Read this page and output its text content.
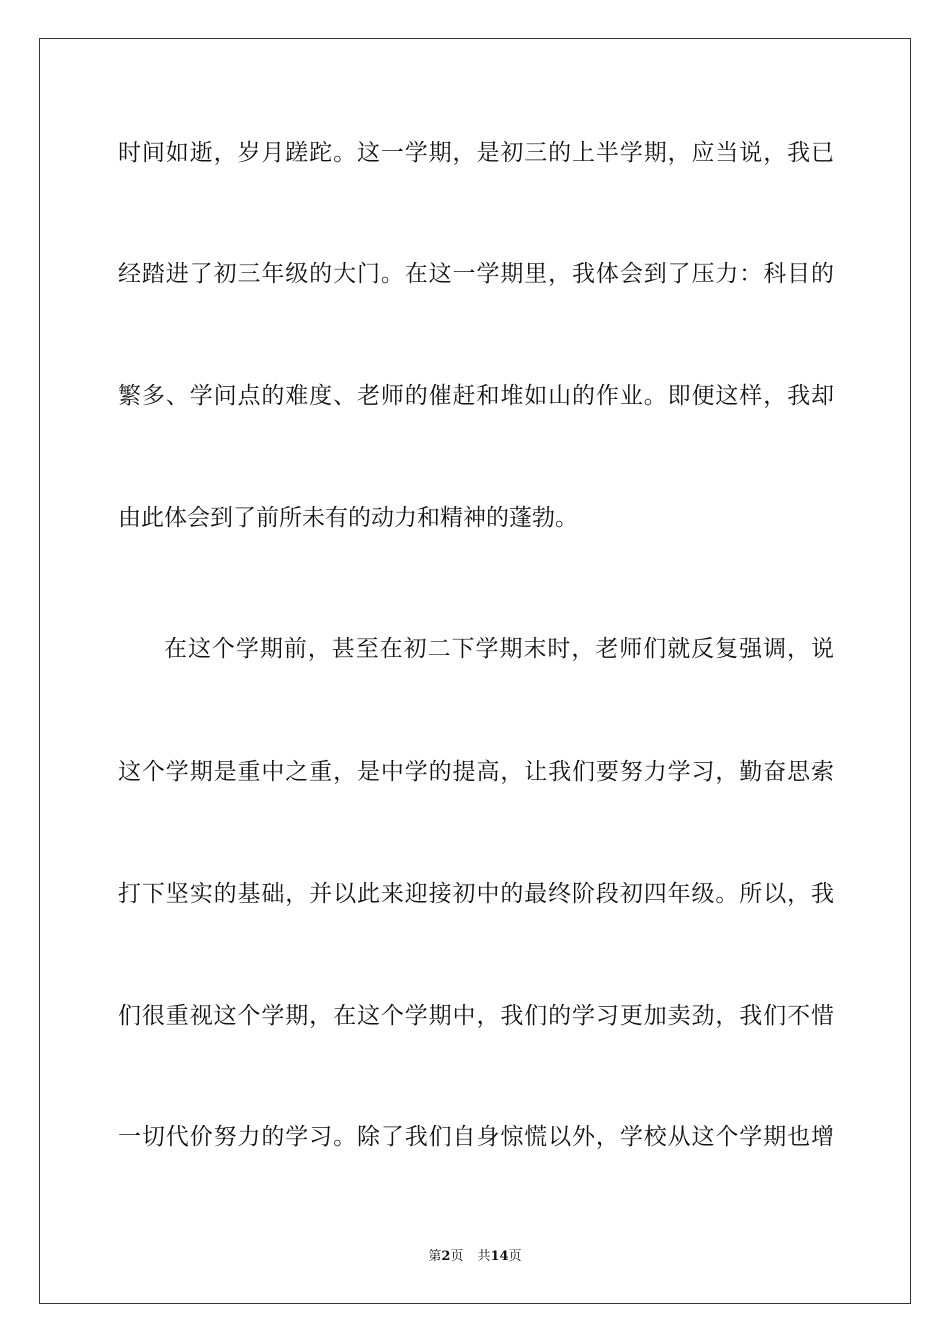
时间如逝，岁月蹉跎。这一学期，是初三的上半学期，应当说，我已
经踏进了初三年级的大门。在这一学期里，我体会到了压力：科目的
繁多、学问点的难度、老师的催赶和堆如山的作业。即便这样，我却
由此体会到了前所未有的动力和精神的蓬勃。
在这个学期前，甚至在初二下学期末时，老师们就反复强调，说
这个学期是重中之重，是中学的提高，让我们要努力学习，勤奋思索
打下坚实的基础，并以此来迎接初中的最终阶段初四年级。所以，我
们很重视这个学期，在这个学期中，我们的学习更加卖劲，我们不惜
一切代价努力的学习。除了我们自身惊慌以外，学校从这个学期也增
第2页 共14页
